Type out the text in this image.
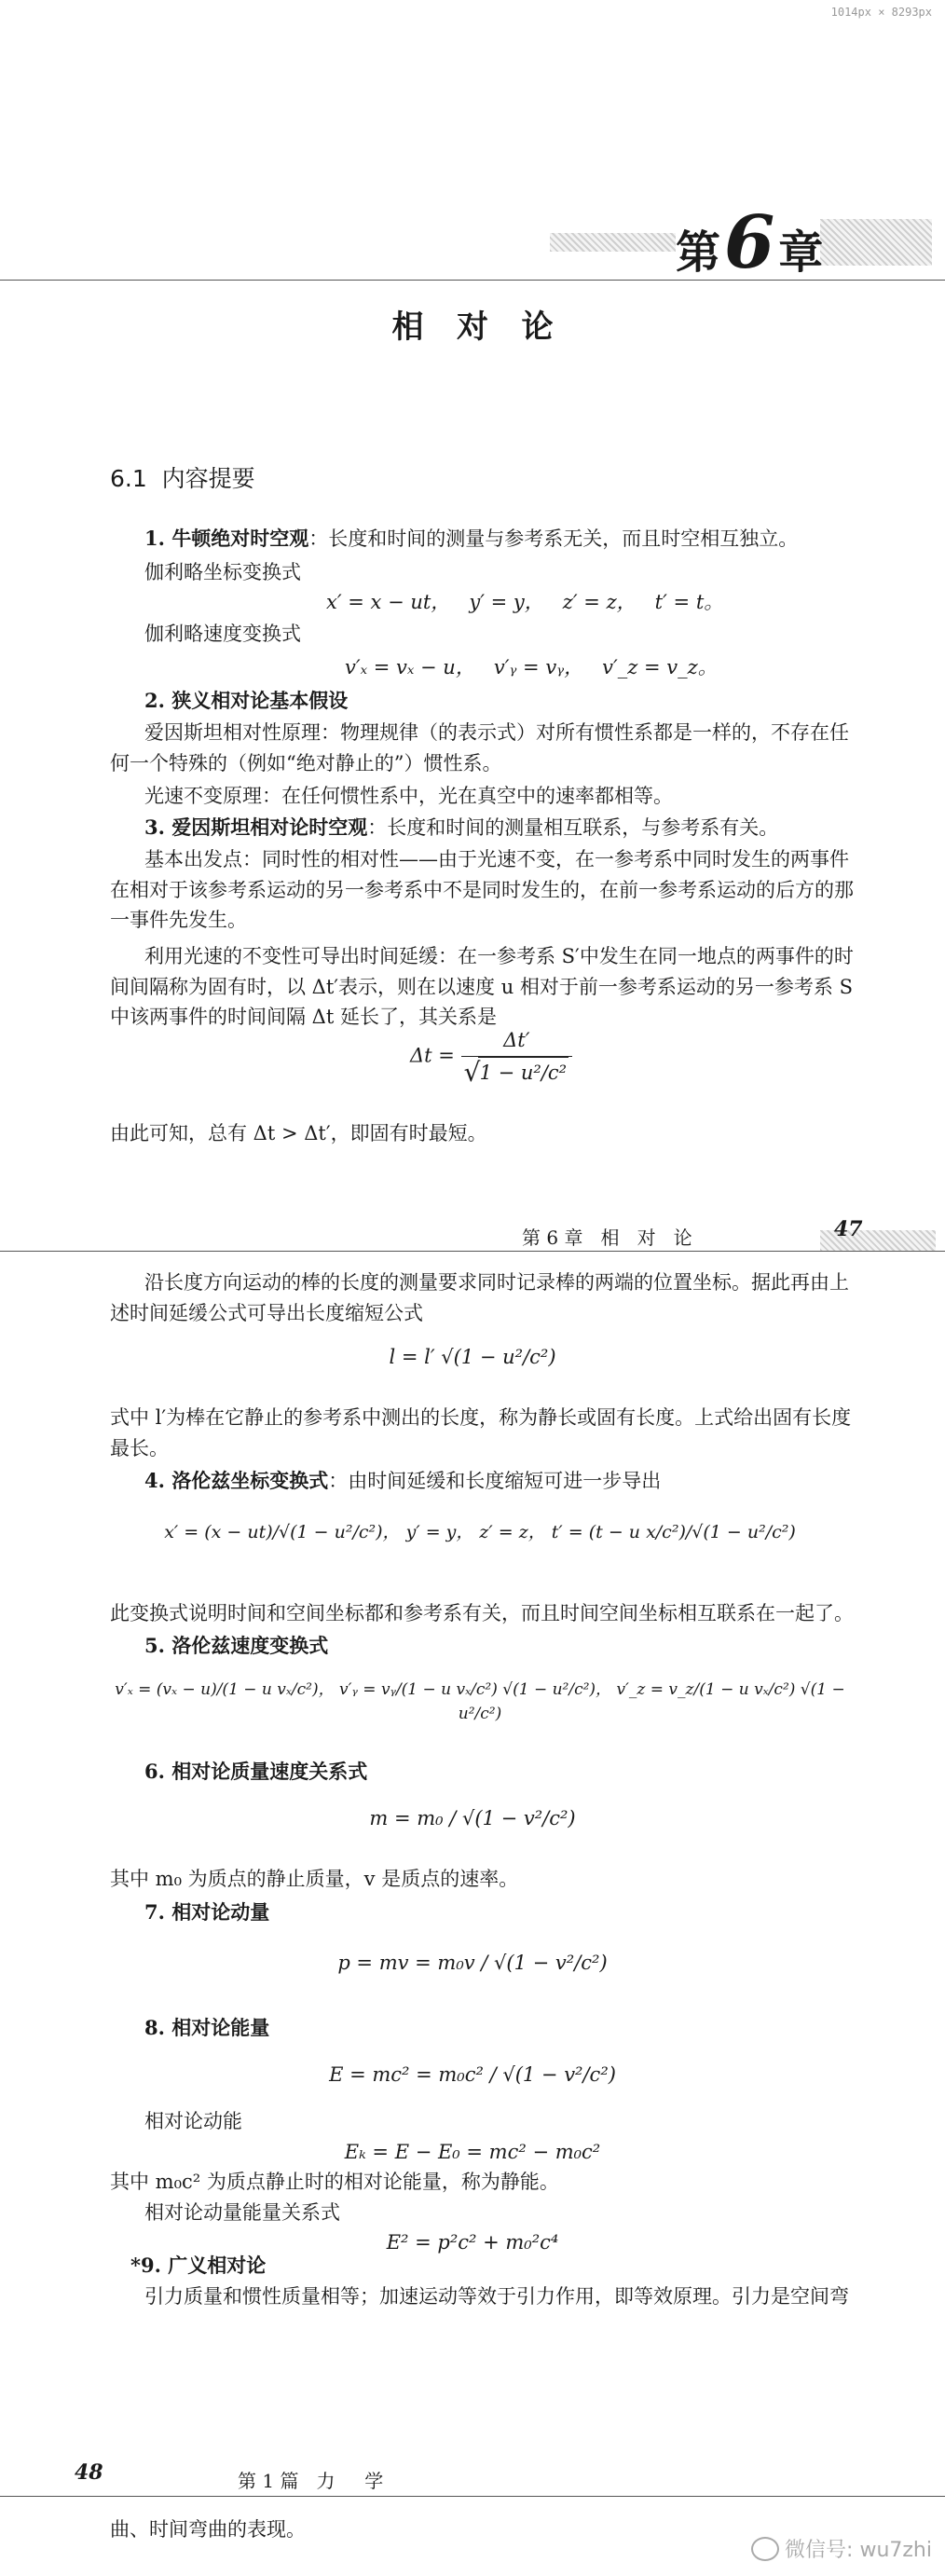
1014px × 8293px
第6章
相   对   论
6.1  内容提要
1. 牛顿绝对时空观：长度和时间的测量与参考系无关，而且时空相互独立。
伽利略坐标变换式
x′ = x − ut，   y′ = y，   z′ = z，   t′ = t。
伽利略速度变换式
v′ₓ = vₓ − u，   v′ᵧ = vᵧ，   v′_z = v_z。
2. 狭义相对论基本假设
爱因斯坦相对性原理：物理规律（的表示式）对所有惯性系都是一样的，不存在任何一个特殊的（例如“绝对静止的”）惯性系。
光速不变原理：在任何惯性系中，光在真空中的速率都相等。
3. 爱因斯坦相对论时空观：长度和时间的测量相互联系，与参考系有关。
基本出发点：同时性的相对性——由于光速不变，在一参考系中同时发生的两事件在相对于该参考系运动的另一参考系中不是同时发生的，在前一参考系运动的后方的那一事件先发生。
利用光速的不变性可导出时间延缓：在一参考系 S′中发生在同一地点的两事件的时间间隔称为固有时，以 Δt′表示，则在以速度 u 相对于前一参考系运动的另一参考系 S 中该两事件的时间间隔 Δt 延长了，其关系是
Δt = Δt′
√ 1 − u²/c²
由此可知，总有 Δt > Δt′，即固有时最短。
第 6 章   相   对   论	47
沿长度方向运动的棒的长度的测量要求同时记录棒的两端的位置坐标。据此再由上述时间延缓公式可导出长度缩短公式
l = l′ √(1 − u²/c²)
式中 l′为棒在它静止的参考系中测出的长度，称为静长或固有长度。上式给出固有长度最长。
4. 洛伦兹坐标变换式：由时间延缓和长度缩短可进一步导出
x′ = (x − ut)/√(1 − u²/c²)， y′ = y， z′ = z， t′ = (t − u x/c²)/√(1 − u²/c²)
此变换式说明时间和空间坐标都和参考系有关，而且时间空间坐标相互联系在一起了。
5. 洛伦兹速度变换式
v′ₓ = (vₓ − u)/(1 − u vₓ/c²)， v′ᵧ = vᵧ/(1 − u vₓ/c²) √(1 − u²/c²)， v′_z = v_z/(1 − u vₓ/c²) √(1 − u²/c²)
6. 相对论质量速度关系式
m = m₀ / √(1 − v²/c²)
其中 m₀ 为质点的静止质量，v 是质点的速率。
7. 相对论动量
p = mv = m₀v / √(1 − v²/c²)
8. 相对论能量
E = mc² = m₀c² / √(1 − v²/c²)
相对论动能
Eₖ = E − E₀ = mc² − m₀c²
其中 m₀c² 为质点静止时的相对论能量，称为静能。
相对论动量能量关系式
E² = p²c² + m₀²c⁴
*9. 广义相对论
引力质量和惯性质量相等；加速运动等效于引力作用，即等效原理。引力是空间弯
48	第 1 篇   力     学
曲、时间弯曲的表现。
微信号: wu7zhi
